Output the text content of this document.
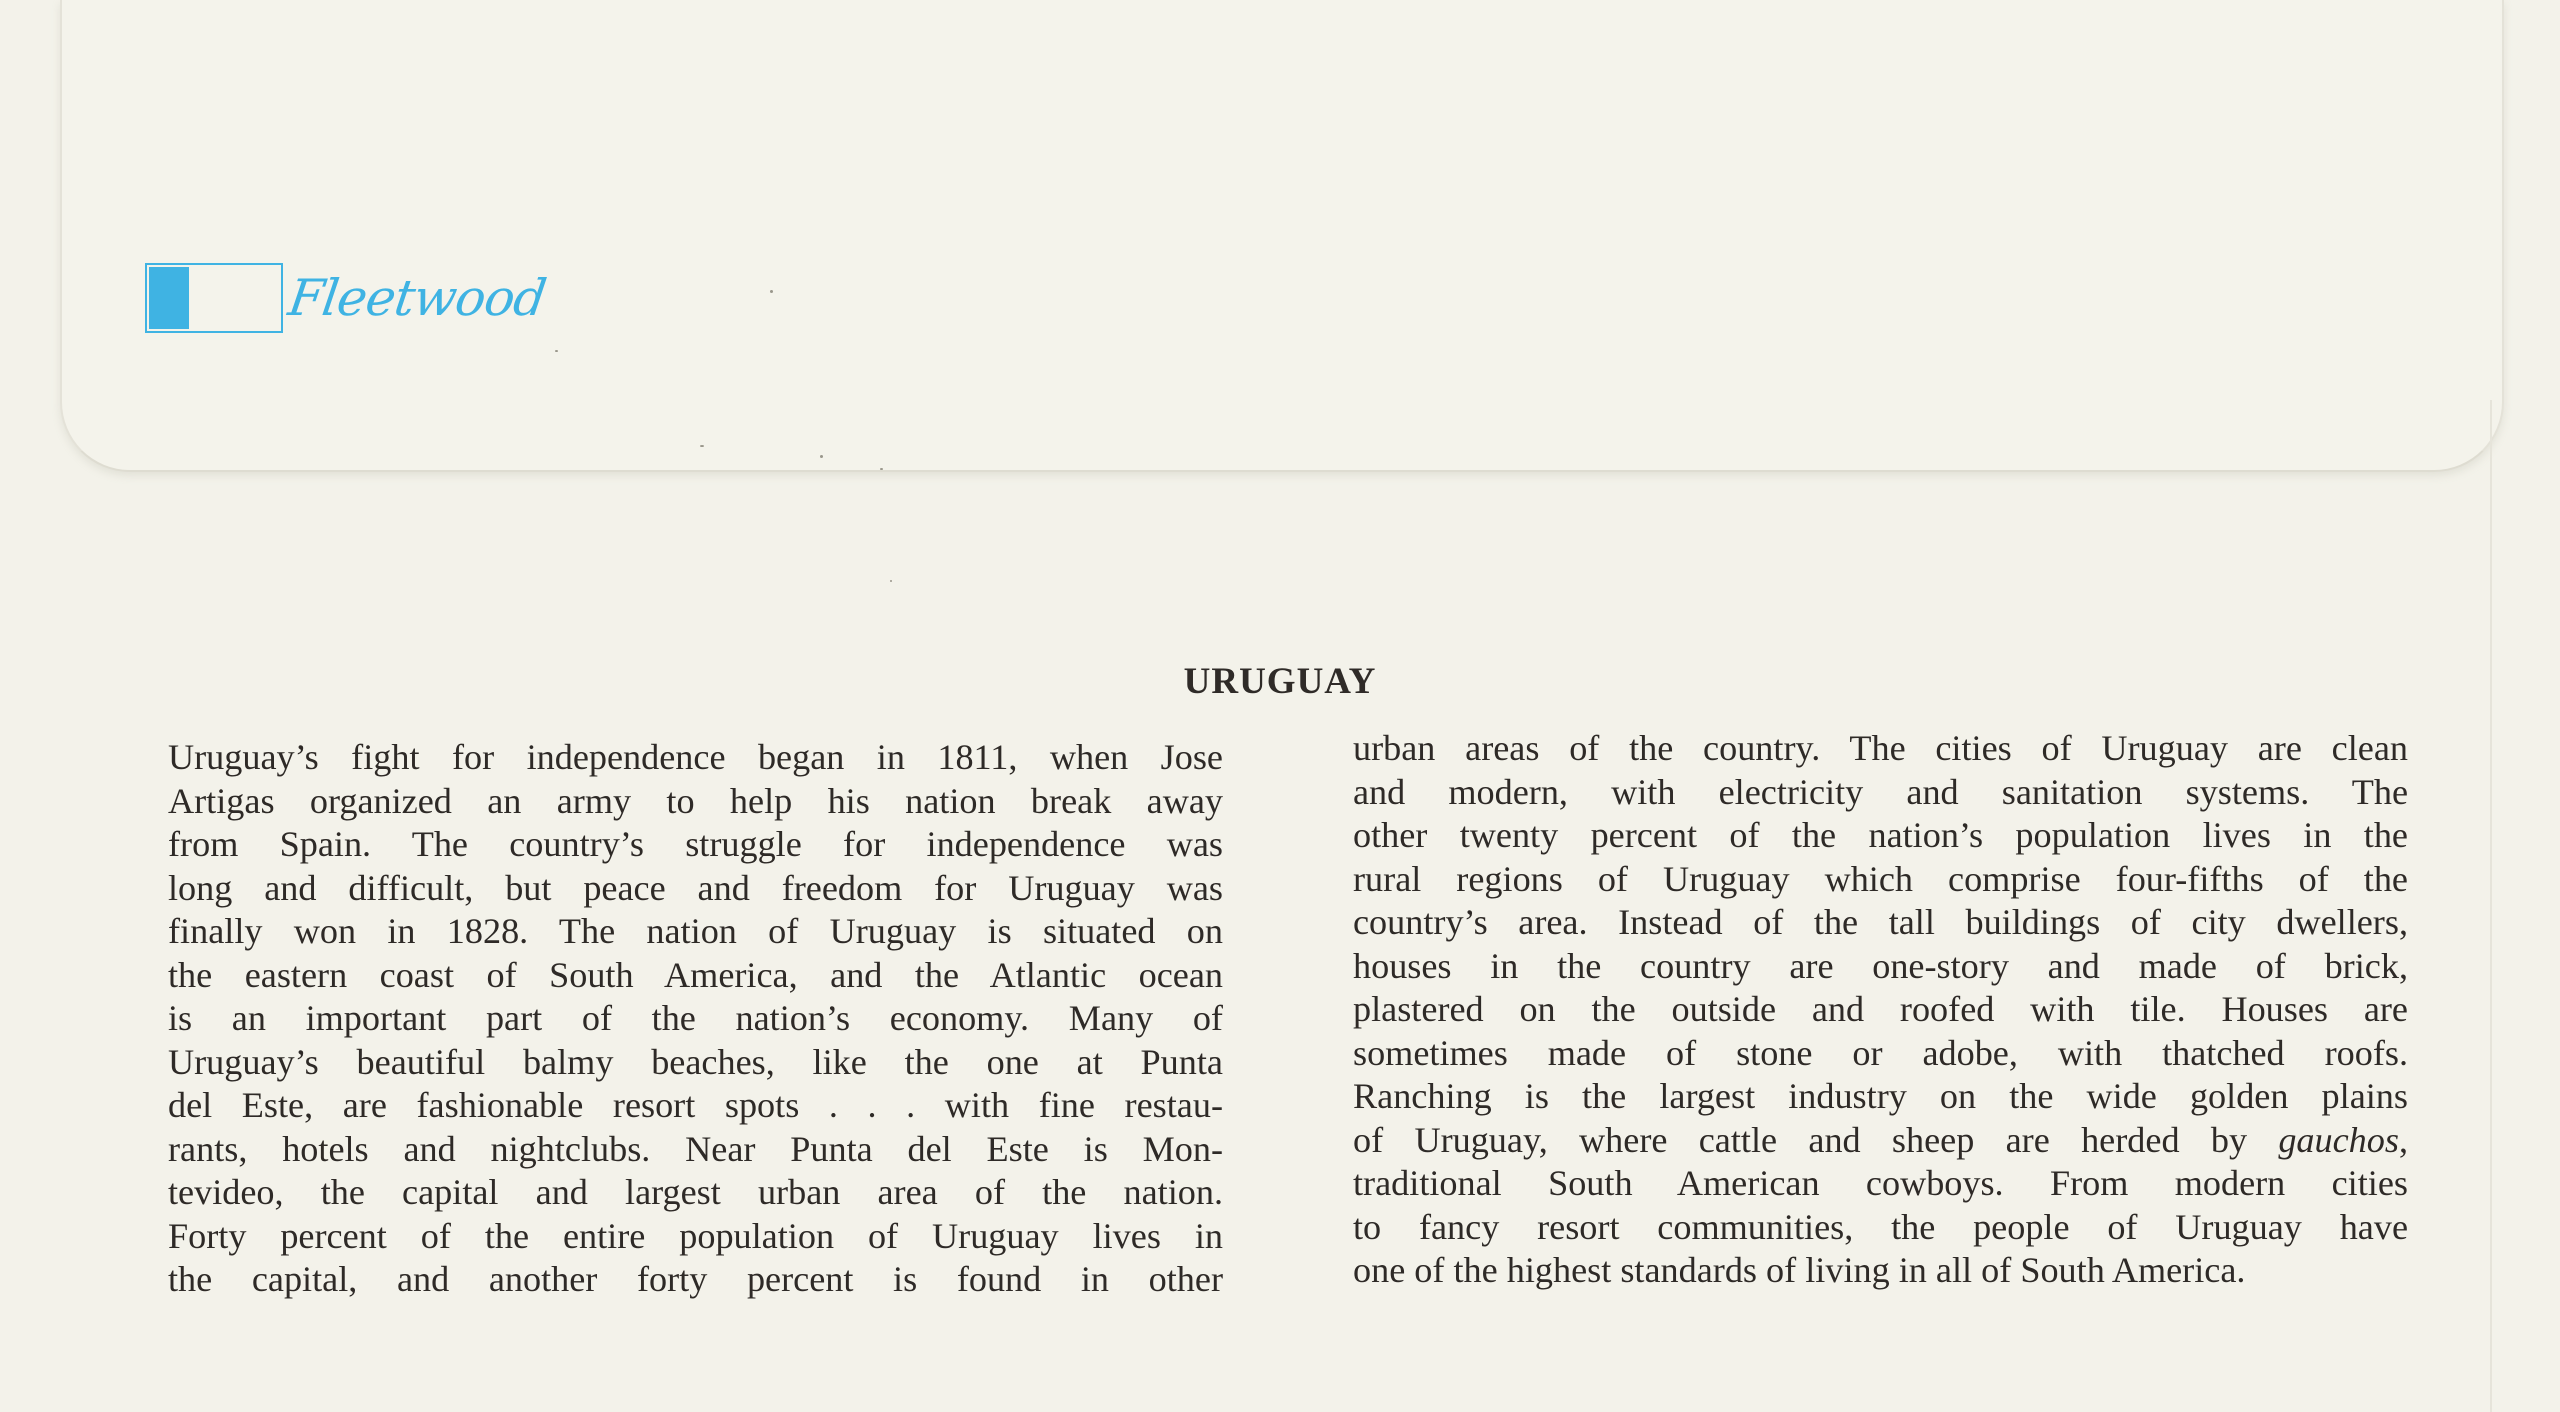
Fleetwood
URUGUAY
Uruguay’s fight for independence began in 1811, when Jose
Artigas organized an army to help his nation break away
from Spain. The country’s struggle for independence was
long and difficult, but peace and freedom for Uruguay was
finally won in 1828. The nation of Uruguay is situated on
the eastern coast of South America, and the Atlantic ocean
is an important part of the nation’s economy. Many of
Uruguay’s beautiful balmy beaches, like the one at Punta
del Este, are fashionable resort spots . . . with fine restau-
rants, hotels and nightclubs. Near Punta del Este is Mon-
tevideo, the capital and largest urban area of the nation.
Forty percent of the entire population of Uruguay lives in
the capital, and another forty percent is found in other
urban areas of the country. The cities of Uruguay are clean
and modern, with electricity and sanitation systems. The
other twenty percent of the nation’s population lives in the
rural regions of Uruguay which comprise four-fifths of the
country’s area. Instead of the tall buildings of city dwellers,
houses in the country are one-story and made of brick,
plastered on the outside and roofed with tile. Houses are
sometimes made of stone or adobe, with thatched roofs.
Ranching is the largest industry on the wide golden plains
of Uruguay, where cattle and sheep are herded by gauchos,
traditional South American cowboys. From modern cities
to fancy resort communities, the people of Uruguay have
one of the highest standards of living in all of South America.
